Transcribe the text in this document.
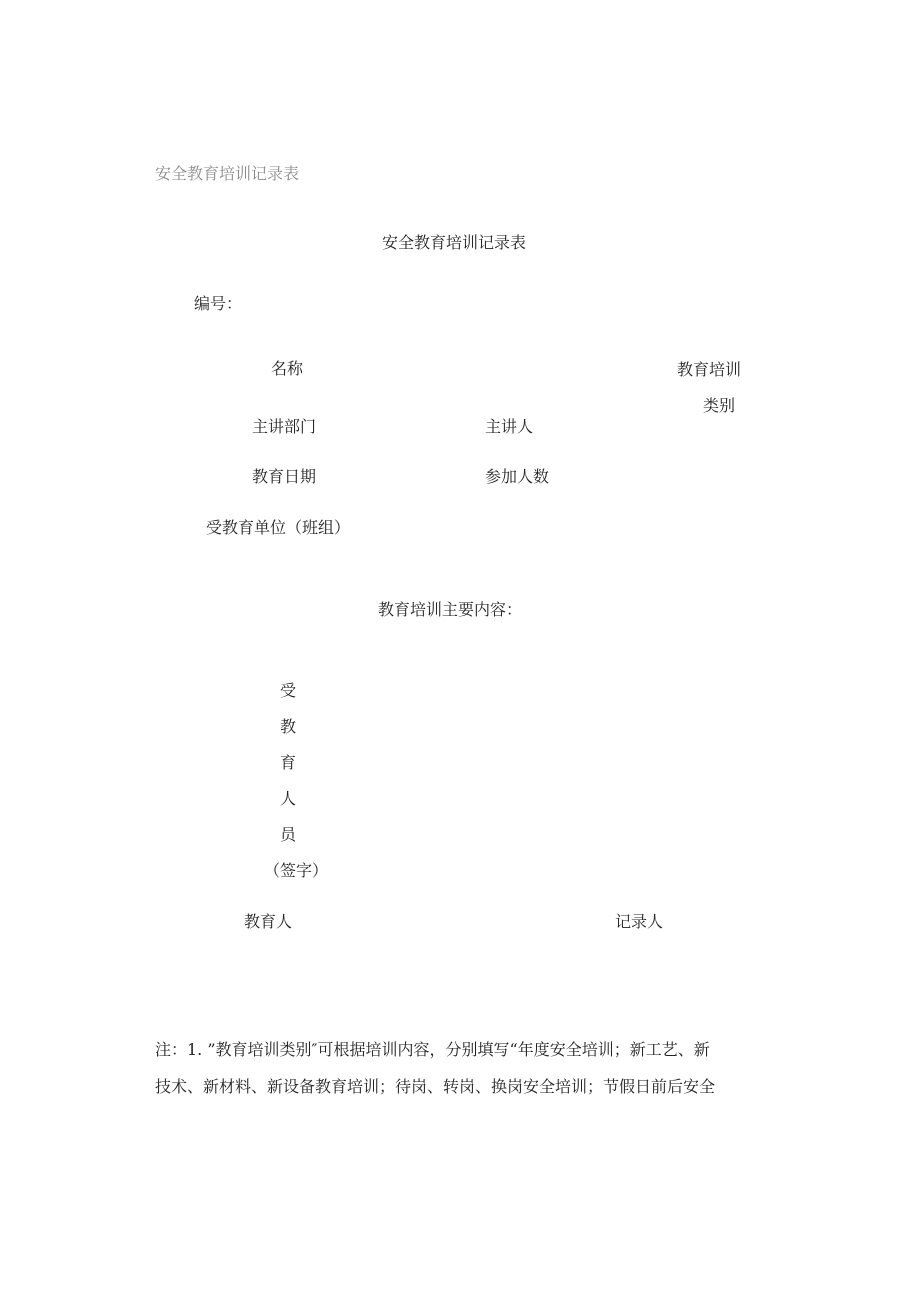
安全教育培训记录表
安全教育培训记录表
编号：
名称	教育培训
类别
主讲部门	主讲人
教育日期	参加人数
受教育单位（班组）
教育培训主要内容：
受
教
育
人
员
（签字）
教育人	记录人
注：1. ”教育培训类别″可根据培训内容，分别填写“年度安全培训；新工艺、新
技术、新材料、新设备教育培训；待岗、转岗、换岗安全培训；节假日前后安全
